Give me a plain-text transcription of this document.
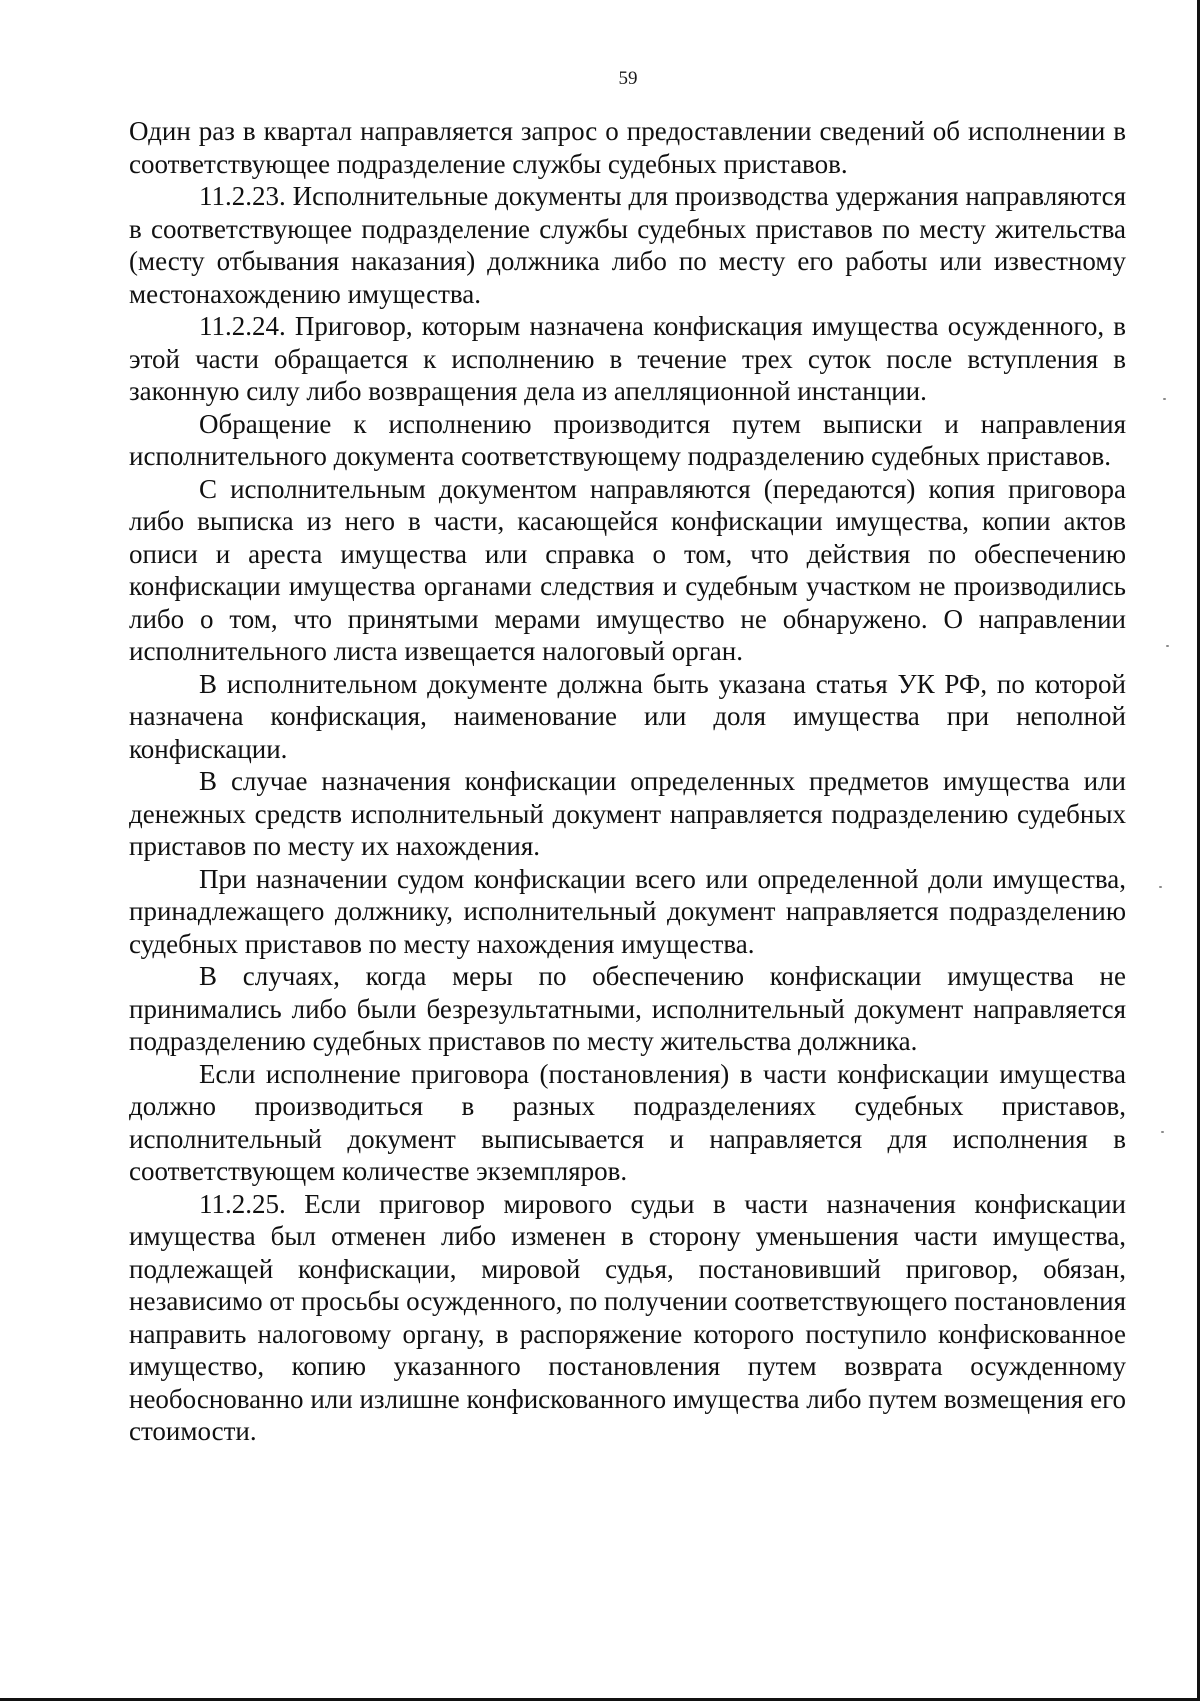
59

Один раз в квартал направляется запрос о предоставлении сведений об исполнении в соответствующее подразделение службы судебных приставов.

11.2.23. Исполнительные документы для производства удержания направляются в соответствующее подразделение службы судебных приставов по месту жительства (месту отбывания наказания) должника либо по месту его работы или известному местонахождению имущества.

11.2.24. Приговор, которым назначена конфискация имущества осужденного, в этой части обращается к исполнению в течение трех суток после вступления в законную силу либо возвращения дела из апелляционной инстанции.

Обращение к исполнению производится путем выписки и направления исполнительного документа соответствующему подразделению судебных приставов.

С исполнительным документом направляются (передаются) копия приговора либо выписка из него в части, касающейся конфискации имущества, копии актов описи и ареста имущества или справка о том, что действия по обеспечению конфискации имущества органами следствия и судебным участком не производились либо о том, что принятыми мерами имущество не обнаружено. О направлении исполнительного листа извещается налоговый орган.

В исполнительном документе должна быть указана статья УК РФ, по которой назначена конфискация, наименование или доля имущества при неполной конфискации.

В случае назначения конфискации определенных предметов имущества или денежных средств исполнительный документ направляется подразделению судебных приставов по месту их нахождения.

При назначении судом конфискации всего или определенной доли имущества, принадлежащего должнику, исполнительный документ направляется подразделению судебных приставов по месту нахождения имущества.

В случаях, когда меры по обеспечению конфискации имущества не принимались либо были безрезультатными, исполнительный документ направляется подразделению судебных приставов по месту жительства должника.

Если исполнение приговора (постановления) в части конфискации имущества должно производиться в разных подразделениях судебных приставов, исполнительный документ выписывается и направляется для исполнения в соответствующем количестве экземпляров.

11.2.25. Если приговор мирового судьи в части назначения конфискации имущества был отменен либо изменен в сторону уменьшения части имущества, подлежащей конфискации, мировой судья, постановивший приговор, обязан, независимо от просьбы осужденного, по получении соответствующего постановления направить налоговому органу, в распоряжение которого поступило конфискованное имущество, копию указанного постановления путем возврата осужденному необоснованно или излишне конфискованного имущества либо путем возмещения его стоимости.
